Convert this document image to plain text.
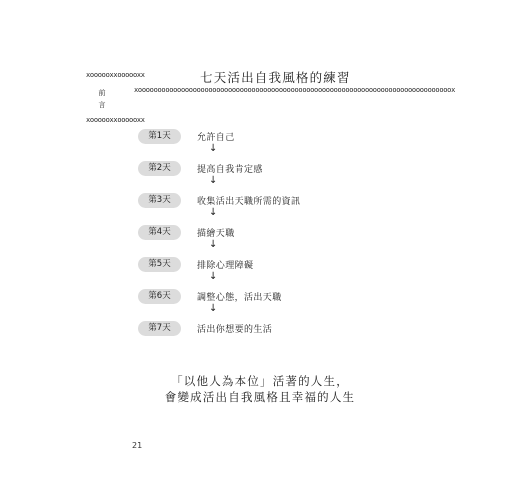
xoooooxxoooooxx
前
言
xoooooxxoooooxx
七天活出自我風格的練習
xoooooooooooooooooooooooooooooooooooooooooooooooooooooooooooooooooooooooooooooooox
第1天	允許自己
↓
第2天	提高自我肯定感
↓
第3天	收集活出天職所需的資訊
↓
第4天	描繪天職
↓
第5天	排除心理障礙
↓
第6天	調整心態，活出天職
↓
第7天	活出你想要的生活
「以他人為本位」活著的人生，
會變成活出自我風格且幸福的人生
21
